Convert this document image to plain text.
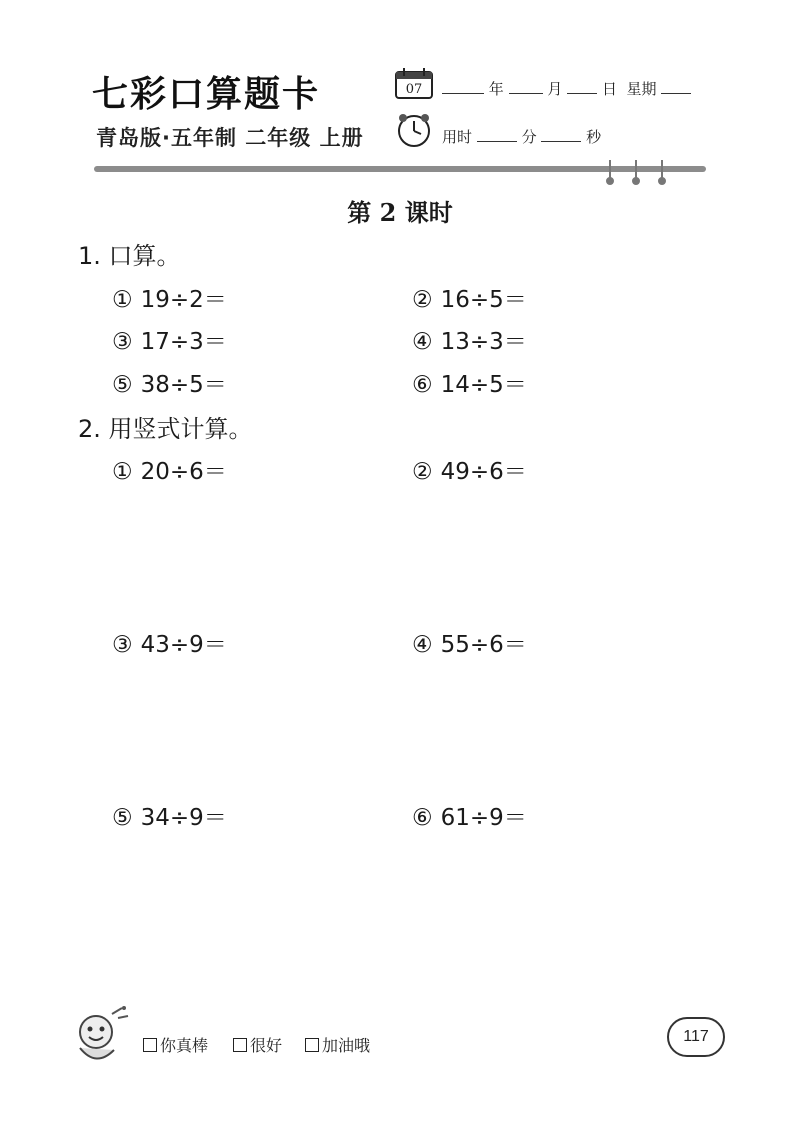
七彩口算题卡
青岛版·五年制 二年级 上册
07	年	月	日 星期
用时	分	秒
第 2 课时
1. 口算。
① 19÷2＝	② 16÷5＝
③ 17÷3＝	④ 13÷3＝
⑤ 38÷5＝	⑥ 14÷5＝
2. 用竖式计算。
① 20÷6＝	② 49÷6＝
③ 43÷9＝	④ 55÷6＝
⑤ 34÷9＝	⑥ 61÷9＝
你真棒	很好	加油哦	117
